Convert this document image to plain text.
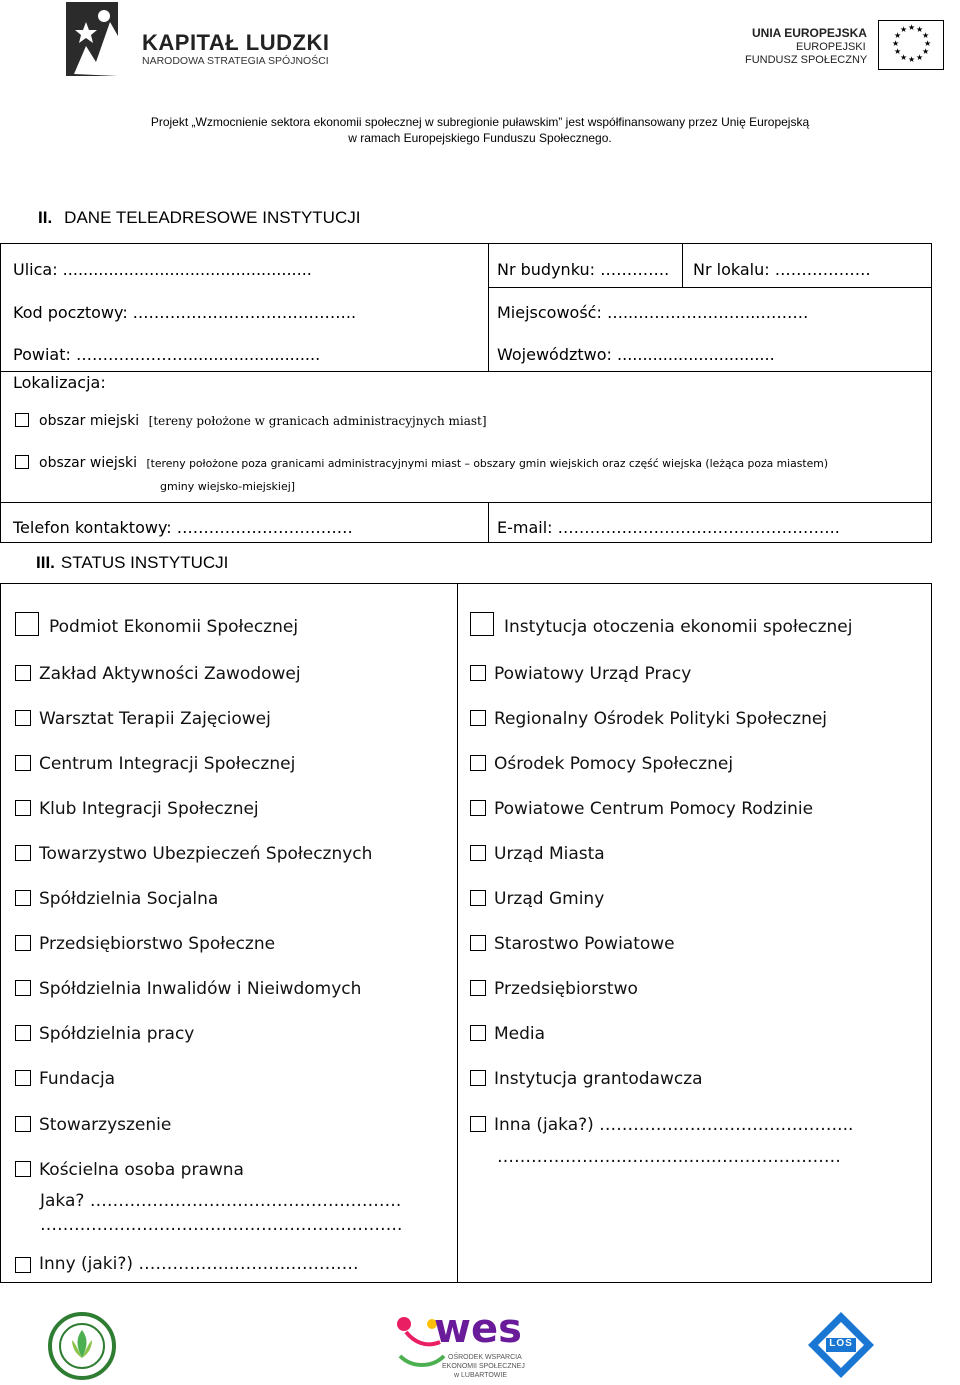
KAPITAŁ LUDZKI
NARODOWA STRATEGIA SPÓJNOŚCI
UNIA EUROPEJSKA
EUROPEJSKI
FUNDUSZ SPOŁECZNY
★ ★
★
★
★
★
★
★
★
★
★
★
Projekt „Wzmocnienie sektora ekonomii społecznej w subregionie puławskim” jest współfinansowany przez Unię Europejską
w ramach Europejskiego Funduszu Społecznego.
II. DANE TELEADRESOWE INSTYTUCJI
Ulica: .................................................	Nr budynku: …………. Nr lokalu: ………………
Kod pocztowy: .…………………………………..	Miejscowość: …...…………………..………
Powiat: …………………..........................	Województwo: ...............................
Lokalizacja:
obszar miejski [tereny położone w granicach administracyjnych miast]
obszar wiejski [tereny położone poza granicami administracyjnymi miast – obszary gmin wiejskich oraz część wiejska (leżąca poza miastem)
gminy wiejsko-miejskiej]
Telefon kontaktowy: ……………………………	E-mail: ……………………………………………..
III. STATUS INSTYTUCJI
Podmiot Ekonomii Społecznej	Instytucja otoczenia ekonomii społecznej
Zakład Aktywności Zawodowej
Warsztat Terapii Zajęciowej
Centrum Integracji Społecznej
Klub Integracji Społecznej
Towarzystwo Ubezpieczeń Społecznych
Spółdzielnia Socjalna
Przedsiębiorstwo Społeczne
Spółdzielnia Inwalidów i Nieiwdomych
Spółdzielnia pracy
Fundacja
Stowarzyszenie
Kościelna osoba prawna
Powiatowy Urząd Pracy
Regionalny Ośrodek Polityki Społecznej
Ośrodek Pomocy Społecznej
Powiatowe Centrum Pomocy Rodzinie
Urząd Miasta
Urząd Gminy
Starostwo Powiatowe
Przedsiębiorstwo
Media
Instytucja grantodawcza
Inna (jaka?) ……………………………………...
Jaka? ……………………………………………….
……………………………………………………….
Inny (jaki?) ……………..……….…………
…………………..………..…..…………….……
wes
OŚRODEK WSPARCIA
EKONOMII SPOŁECZNEJ
w LUBARTOWIE
LOS
